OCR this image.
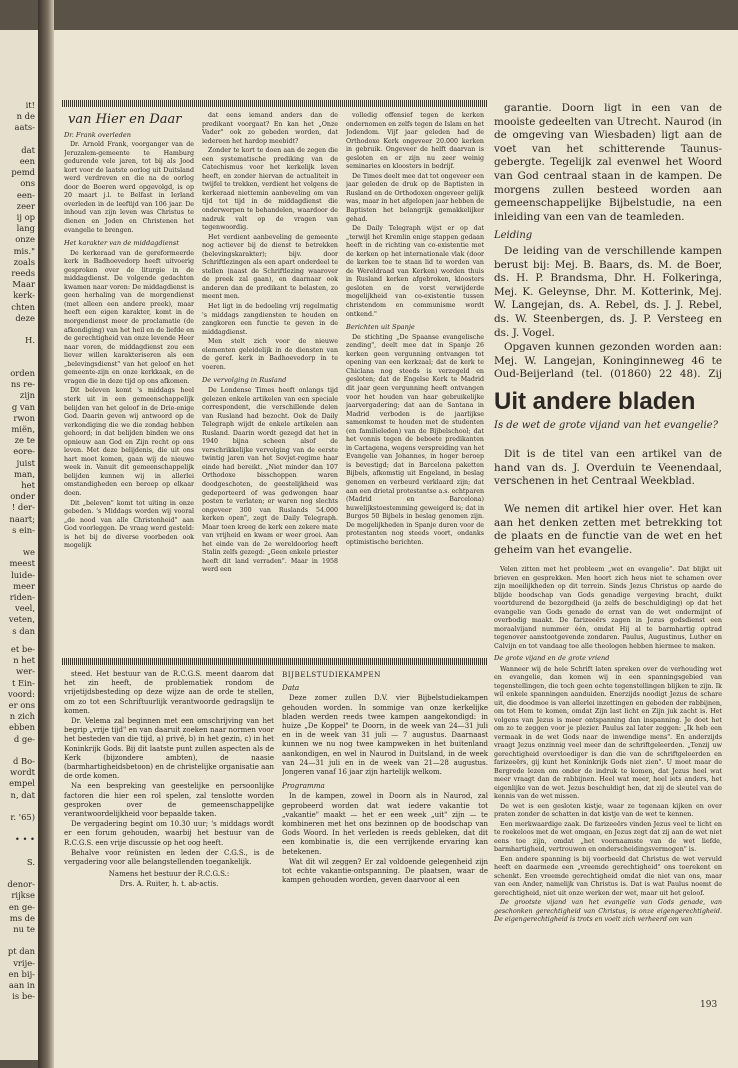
it!
n de
aats-

dat
een
pemd
ons
een-
zeer
ij op
lang
onze
mis."
zoals
reeds
Maar
kerk-
chten
deze

H.
orden
ns re-
zijn
g van
rwon
miën,
ze te
eore-
juist
man,
het
onder
! der-
naart;
s ein-

we
meest
luide-
meer
riden-
veel,
veten,
s dan
et be-
n het
wer-
t Ein-
voord:
er ons
n zich
ebben
d ge-

d Bo-
wordt
empel
n, dat

r. '65)

• • •

S.

denor-
rijkse
en ge-
ms de
nu te

pt dan
vrije-
en bij-
aan in
is be-
van Hier en Daar
Dr. Frank overleden

Dr. Arnold Frank, voorganger van de Jeruzalem-gemeente te Hamburg gedurende vele jaren, tot bij als Jood kort voor de laatste oorlog uit Duitsland werd verdreven en die na de oorlog door de Boeren werd opgevolgd, is op 20 maart j.l. te Belfast in Ierland overleden in de leeftijd van 106 jaar. De inhoud van zijn leven was Christus te dienen en Joden en Christenen het evangelie te brengen.

Het karakter van de middagdienst

De kerkeraad van de gereformeerde kerk in Badhoevedorp heeft uitvoerig gesproken over de liturgie in de middagdienst. De volgende gedachten kwamen naar voren: De middagdienst is geen herhaling van de morgendienst (met alleen een andere preek), maar heeft een eigen karakter, komt in de morgendienst meer de proclamatie (de afkondiging) van het heil en de liefde en de gerechtigheid van onze levende Heer naar voren, de middagdienst zou een liever willen karakteriseren als een „belevingsdienst" van het geloof en het gemeente-zijn en onze kerkkaak, en de vragen die in deze tijd op ons afkomen.

Dit beleven komt 's middags heel sterk uit in een gemeenschappelijk belijden van het geloof in de Drie-enige God. Daarin geven wij antwoord op de verkondiging die we die zondag hebben gehoord; in dat belijden binden we ons opnieuw aan God en Zijn recht op ons leven. Met deze belijdenis, die uit ons hart moet komen, gaan wij de nieuwe week in. Vanuit dit gemeenschappelijk belijden kunnen wij in allerlei omstandigheden een beroep op elkaar doen.

Dit „beleven" komt tot uiting in onze gebeden. 's Middags worden wij vooral „de nood van alle Christenheid" aan God voorleggen. De vraag werd gesteld: is het bij de diverse voorbeden ook mogelijk

dat eens iemand anders dan de predikant voorgaat? En kan het „Onze Vader" ook zo gebeden worden, dat iedereen het hardop meebidt?

Zonder te kort te doen aan de zegen die een systematische prediking van de Catechismus voor het kerkelijk leven heeft, en zonder hiervan de actualiteit in twijfel te trekken, verdient het volgens de kerkeraad niettemin aanbeveling om van tijd tot tijd in de middagdienst die onderwerpen te behandelen, waardoor de nadruk valt op de vragen van tegenwoordig.

Het verdient aanbeveling de gemeente nog actiever bij de dienst te betrekken (belevingskarakter); bijv. door Schriftlezingen als een apart onderdeel te stellen (naast de Schriftlezing waarover de preek zal gaan), en daarnaar ook anderen dan de predikant te belasten, zo meent men.

Het ligt in de bedoeling vrij regelmatig 's middags zangdiensten te houden en zangkoren een functie te geven in de middagdienst.

Men stelt zich voor de nieuwe elementen geleidelijk in de diensten van de geref. kerk in Badhoevedorp in te voeren.

De vervolging in Rusland

De Londense Times heeft onlangs tijd gelezen enkele artikelen van een speciale correspondent, die verschillende delen van Rusland had bezocht. Ook de Daily Telegraph wijdt de enkele artikelen aan Rusland. Daarin wordt gezegd dat het in 1940 bijna scheen alsof de verschrikkelijke vervolging van de eerste twintig jaren van het Sovjet-regime haar einde had bereikt. „Niet minder dan 107 Orthodoxe bisschoppen waren doodgeschoten, de geestelijkheid was gedeporteerd of was gedwongen haar posten te verlaten; er waren nog slechts ongeveer 300 van Ruslands 54.000 kerken open", zegt de Daily Telegraph. Maar toen kreeg de kerk een zekere mate van vrijheid en kwam er weer groei. Aan het einde van de 2e wereldoorlog heeft Stalin zelfs gezegd: „Geen enkele priester heeft dit land verraden". Maar in 1958 werd een

volledig offensief tegen de kerken ondernomen en zelfs tegen de Islam en het Jodendom. Vijf jaar geleden had de Orthodoxe Kerk ongeveer 20.000 kerken in gebruik. Ongeveer de helft daarvan is gesloten en er zijn nu zeer weinig seminaries en kloosters in bedrijf.

De Times deelt mee dat tot ongeveer een jaar geleden de druk op de Baptisten in Rusland en de Orthodoxen ongeveer gelijk was, maar in het afgelopen jaar hebben de Baptisten het belangrijk gemakkelijker gehad.

De Daily Telegraph wijst er op dat „terwijl het Kremlin enige stappen gedaan heeft in de richting van co-existentie met de kerken op het internationale vlak (door de kerken toe te staan lid te worden van de Wereldraad van Kerken) worden thuis in Rusland kerken afgebroken, kloosters gesloten en de vorst verwijderde mogelijkheid van co-existentie tussen christendom en communisme wordt ontkend."

Berichten uit Spanje

De stichting „De Spaanse evangelische zending", deelt mee dat in Spanje 26 kerken geen vergunning ontvangen tot opening van een kerkzaal; dat de kerk te Chiclana nog steeds is verzegeld en gesloten; dat de Engelse Kerk te Madrid dit jaar geen vergunning heeft ontvangen voor het houden van haar gebruikelijke jaarvergadering; dat aan de Santana in Madrid verboden is de jaarlijkse samenkomst te houden met de studenten (en familieleden) van de Bijbelschool; dat het vonnis tegen de beboete predikanten in Cartagena, wegens verspreiding van het Evangelie van Johannes, in hoger beroep is bevestigd; dat in Barcelona paketten Bijbels, afkomstig uit Engeland, in beslag genomen en verbeurd verklaard zijn; dat aan een drietal protestantse a.s. echtparen (Madrid en Barcelona) huwelijkstoestemming geweigerd is; dat in Burgos 50 Bijbels in beslag genomen zijn. De mogelijkheden in Spanje duren voor de protestanten nog steeds voort, ondanks optimistische berichten.

steed. Het bestuur van de R.C.G.S. meent daarom dat het zin heeft, de problematiek rondom de vrijetijdsbesteding op deze wijze aan de orde te stellen, om zo tot een Schriftuurlijk verantwoorde gedragslijn te komen.

Dr. Velema zal beginnen met een omschrijving van het begrip „vrije tijd" en van daaruit zoeken naar normen voor het besteden van die tijd, a) privé, b) in het gezin, c) in het Koninkrijk Gods. Bij dit laatste punt zullen aspecten als de Kerk (bijzondere ambten), de naasie (barmhartigheidsbetoon) en de christelijke organisatie aan de orde komen.

Na een bespreking van geestelijke en persoonlijke factoren die hier een rol spelen, zal tenslotte worden gesproken over de gemeenschappelijke verantwoordelijkheid voor bepaalde taken.

De vergadering begint om 10.30 uur; 's middags wordt er een forum gehouden, waarbij het bestuur van de R.C.G.S. een vrije discussie op het oog heeft.

Behalve voor reünisten en leden der C.G.S., is de vergadering voor alle belangstellenden toegankelijk.

Namens het bestuur der R.C.G.S.:

Drs. A. Ruiter, h. t. ab-actis.

BIJBELSTUDIEKAMPEN
Data

Deze zomer zullen D.V. vier Bijbelstudiekampen gehouden worden. In sommige van onze kerkelijke bladen werden reeds twee kampen aangekondigd: in huize „De Koppel" te Doorn, in de week van 24—31 juli en in de week van 31 juli — 7 augustus. Daarnaast kunnen we nu nog twee kampweken in het buitenland aankondigen, en wel in Naurod in Duitsland, in de week van 24—31 juli en in de week van 21—28 augustus. Jongeren vanaf 16 jaar zijn hartelijk welkom.

Programma

In de kampen, zowel in Doorn als in Naurod, zal geprobeerd worden dat wat iedere vakantie tot „vakantie" maakt — het er een week „uit" zijn — te kombineren met het ons bezinnen op de boodschap van Gods Woord. In het verleden is reeds gebleken, dat dit een kombinatie is, die een verrijkende ervaring kan betekenen.

Wat dit wil zeggen? Er zal voldoende gelegenheid zijn tot echte vakantie-ontspanning. De plaatsen, waar de kampen gehouden worden, geven daarvoor al een

garantie. Doorn ligt in een van de mooiste gedeelten van Utrecht. Naurod (in de omgeving van Wiesbaden) ligt aan de voet van het schitterende Taunus-gebergte. Tegelijk zal evenwel het Woord van God centraal staan in de kampen. De morgens zullen besteed worden aan gemeenschappelijke Bijbelstudie, na een inleiding van een van de teamleden.

Leiding

De leiding van de verschillende kampen berust bij: Mej. B. Baars, ds. M. de Boer, ds. H. P. Brandsma, Dhr. H. Folkeringa, Mej. K. Geleynse, Dhr. M. Kotterink, Mej. W. Langejan, ds. A. Rebel, ds. J. J. Rebel, ds. W. Steenbergen, ds. J. P. Versteeg en ds. J. Vogel.

Opgaven kunnen gezonden worden aan: Mej. W. Langejan, Koninginneweg 46 te Oud-Beijerland (tel. (01860) 22 48). Zij

Uit andere bladen
Is de wet de grote vijand van het evangelie?

Dit is de titel van een artikel van de hand van ds. J. Overduin te Veenendaal, verschenen in het Centraal Weekblad.

We nemen dit artikel hier over. Het kan aan het denken zetten met betrekking tot de plaats en de functie van de wet en het geheim van het evangelie.

Velen zitten met het probleem „wet en evangelie". Dat blijkt uit brieven en gesprekken. Men hoort zich heus niet te schamen over zijn moeilijkheden op dit terrein. Sinds Jezus Christus op aarde de blijde boodschap van Gods genadige vergeving bracht, duikt voortdurend de bezorgdheid (ja zelfs de beschuldiging) op dat het evangelie van Gods genade de ernst van de wet ondermijnt of overbodig maakt. De farizeeërs zagen in Jezus godsdienst een moraalvijand nummer één, omdat Hij al te barmhartig optrad tegenover aanstootgevende zondaren. Paulus, Augustinus, Luther en Calvijn en tot vandaag toe alle theologen hebben hiermee te maken.

De grote vijand en de grote vriend

Wanneer wij de hele Schrift laten spreken over de verhouding wet en evangelie, dan komen wij in een spanningsgebied van tegenstellingen, die toch geen echte tegenstellingen blijken te zijn. Ik wil enkele spanningen aanduiden. Enerzijds noodigt Jezus de schare uit, die doodmoe is van allerlei inzettingen en geboden der rabbijnen, om tot Hem te komen, omdat Zijn last licht en Zijn juk zacht is. Het volgens van Jezus is meer ontspanning dan inspanning. Je doet het om zo te zeggen voor je plezier. Paulus zal later zeggen: „Ik heb een vermaak in de wet Gods naar de inwendige mens". En anderzijds vraagt Jezus onzinnig veel meer dan de schriftgeleerden. „Tenzij uw gerechtigheid overvloediger is dan die van de schriftgeleerden en farizeeërs, gij kunt het Koninkrijk Gods niet zien". U moet maar de Bergrede lezen om onder de indruk te komen, dat Jezus heel wat meer vraagt dan de rabbijnen. Heel wat meer, heel iets anders, het eigenlijke van de wet. Jezus beschuldigt hen, dat zij de sleutel van de kennis van de wet missen.

De wet is een gesloten kistje, waar ze tegenaan kijken en over praten zonder de schatten in dat kistje van de wet te kennen.

Een merkwaardige zaak. De farizeeërs vinden Jezus veel te licht en te roekeloos met de wet omgaan, en Jezus zegt dat zij aan de wet niet eens toe zijn, omdat „het voornaamste van de wet liefde, barmhartigheid, vertrouwen en onderscheidingsvermogen" is.

Een andere spanning is bij voorbeeld dat Christus de wet vervuld heeft en daarmede een „vreemde gerechtigheid" ons toerekent en schenkt. Een vreemde gerechtigheid omdat die niet van ons, maar van een Ander, namelijk van Christus is. Dat is wat Paulus noemt de gerechtigheid, niet uit onze werken der wet, maar uit het geloof.

De grootste vijand van het evangelie van Gods genade, van geschonken gerechtigheid van Christus, is onze eigengerechtigheid. De eigengerechtigheid is trots en voelt zich verheerd om van

193
